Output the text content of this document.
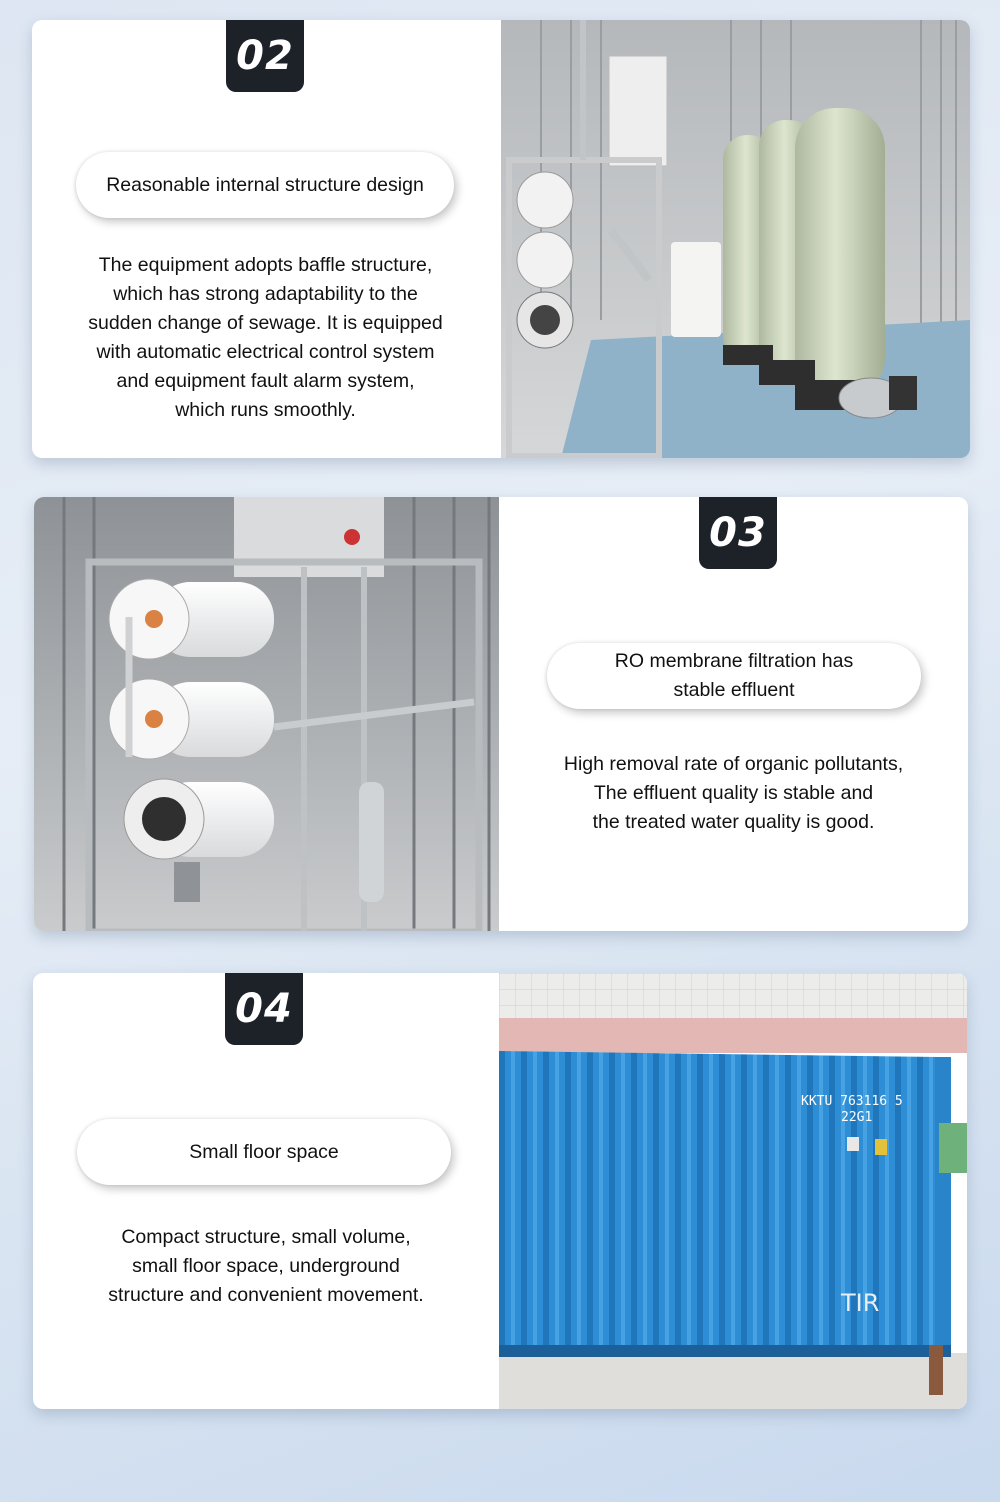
02
Reasonable internal structure design
The equipment adopts baffle structure,
which has strong adaptability to the
sudden change of sewage. It is equipped
with automatic electrical control system
and equipment fault alarm system,
which runs smoothly.
03
RO membrane filtration has
stable effluent
High removal rate of organic pollutants,
The effluent quality is stable and
the treated water quality is good.
04
Small floor space
Compact structure, small volume,
small floor space, underground
structure and convenient movement.
KKTU 763116 5
22G1
TIR
